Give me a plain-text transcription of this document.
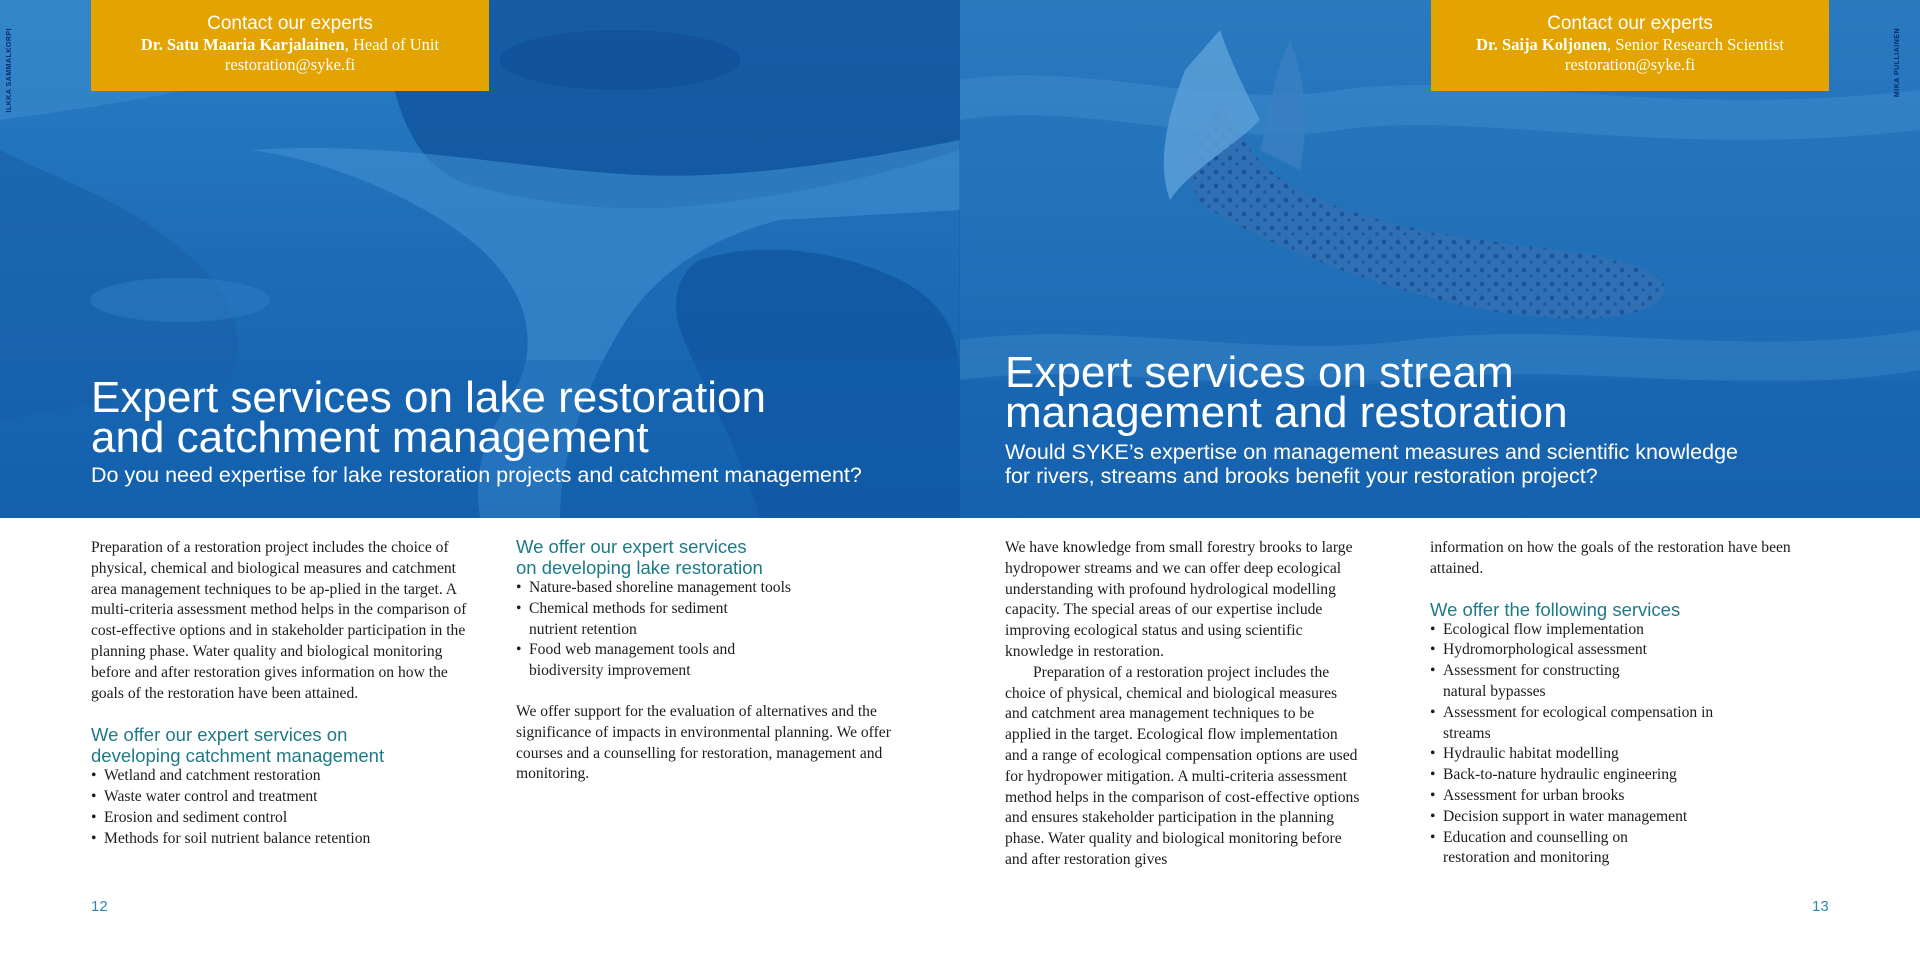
ILKKA SAMMALKORPI
Contact our experts
Dr. Satu Maaria Karjalainen, Head of Unit
restoration@syke.fi
Expert services on lake restoration
and catchment management
Do you need expertise for lake restoration projects and catchment management?

Preparation of a restoration project includes the choice of physical, chemical and biological measures and catchment area management techniques to be ap-plied in the target. A multi-criteria assessment method helps in the comparison of cost-effective options and in stakeholder participation in the planning phase. Water quality and biological monitoring before and after restoration gives information on how the goals of the restoration have been attained.

We offer our expert services on
developing catchment management
• Wetland and catchment restoration
• Waste water control and treatment
• Erosion and sediment control
• Methods for soil nutrient balance retention
We offer our expert services
on developing lake restoration
• Nature-based shoreline management tools
• Chemical methods for sediment nutrient retention
• Food web management tools and biodiversity improvement

We offer support for the evaluation of alternatives and the significance of impacts in environmental planning. We offer courses and a counselling for restoration, management and monitoring.

12
MIKA PULLIAINEN
Contact our experts
Dr. Saija Koljonen, Senior Research Scientist
restoration@syke.fi
Expert services on stream
management and restoration
Would SYKE’s expertise on management measures and scientific knowledge
for rivers, streams and brooks benefit your restoration project?

We have knowledge from small forestry brooks to large hydropower streams and we can offer deep ecological understanding with profound hydrological modelling capacity. The special areas of our expertise include improving ecological status and using scientific knowledge in restoration.

Preparation of a restoration project includes the choice of physical, chemical and biological measures and catchment area management techniques to be applied in the target. Ecological flow implementation and a range of ecological compensation options are used for hydropower mitigation. A multi-criteria assessment method helps in the comparison of cost-effective options and ensures stakeholder participation in the planning phase. Water quality and biological monitoring before and after restoration gives

information on how the goals of the restoration have been attained.

We offer the following services
• Ecological flow implementation
• Hydromorphological assessment
• Assessment for constructing natural bypasses
• Assessment for ecological compensation in streams
• Hydraulic habitat modelling
• Back-to-nature hydraulic engineering
• Assessment for urban brooks
• Decision support in water management
• Education and counselling on restoration and monitoring
13
